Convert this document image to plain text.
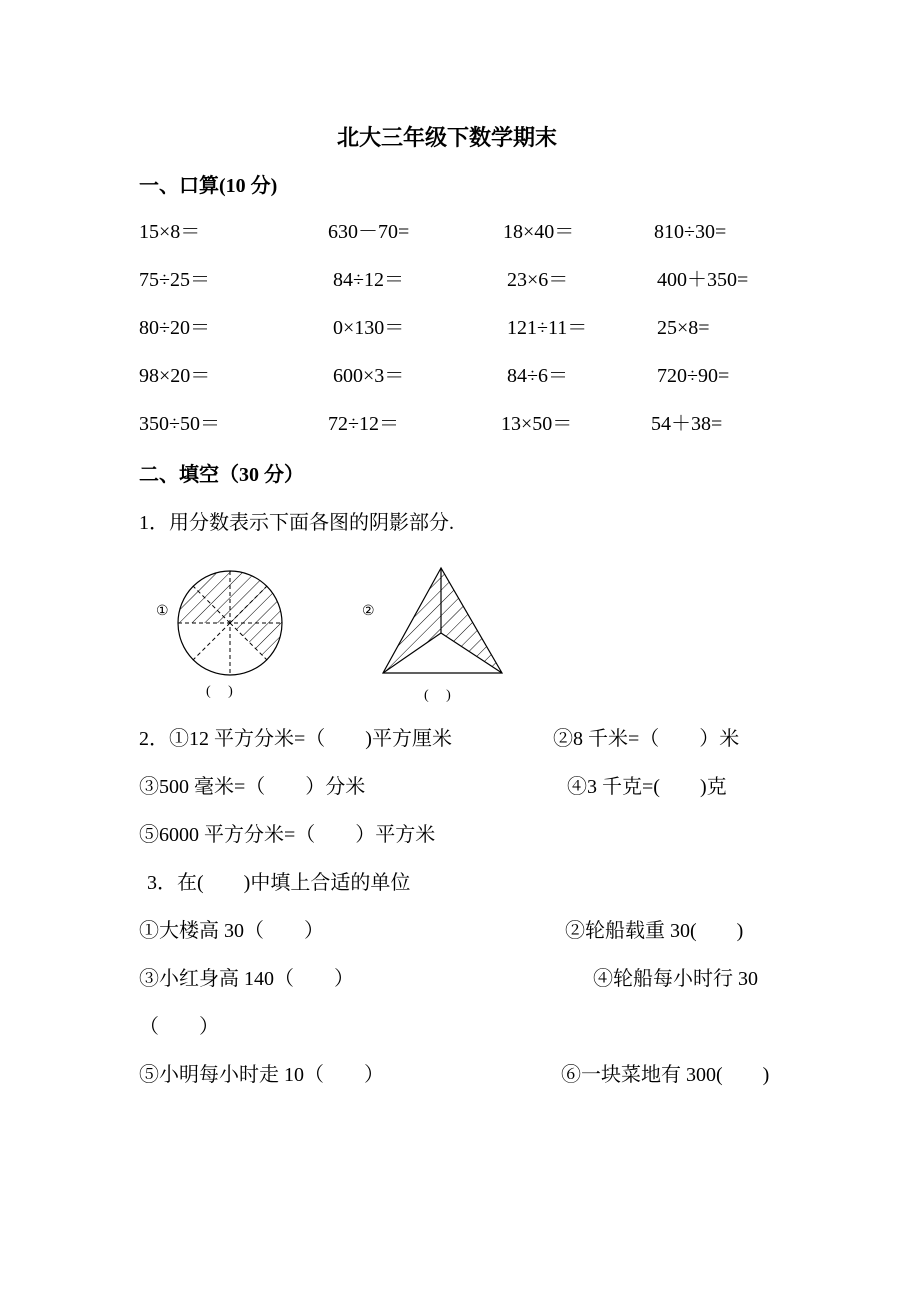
北大三年级下数学期末
一、口算(10 分)
15×8＝	630－70=	18×40＝	810÷30=
75÷25＝	84÷12＝	23×6＝	400＋350=
80÷20＝	0×130＝	121÷11＝	25×8=
98×20＝	600×3＝	84÷6＝	720÷90=
350÷50＝	72÷12＝	13×50＝	54＋38=
二、填空（30 分）
1．用分数表示下面各图的阴影部分.
①	②
(　 )	(　 )
2．①12 平方分米=（　　)平方厘米	②8 千米=（　　）米
③500 毫米=（　　）分米	④3 千克=(　　)克
⑤6000 平方分米=（　　）平方米
3．在(　　)中填上合适的单位
①大楼高 30（　　）	②轮船载重 30(　　)
③小红身高 140（　　）	④轮船每小时行 30
（　　）
⑤小明每小时走 10（　　）	⑥一块菜地有 300(　　)
